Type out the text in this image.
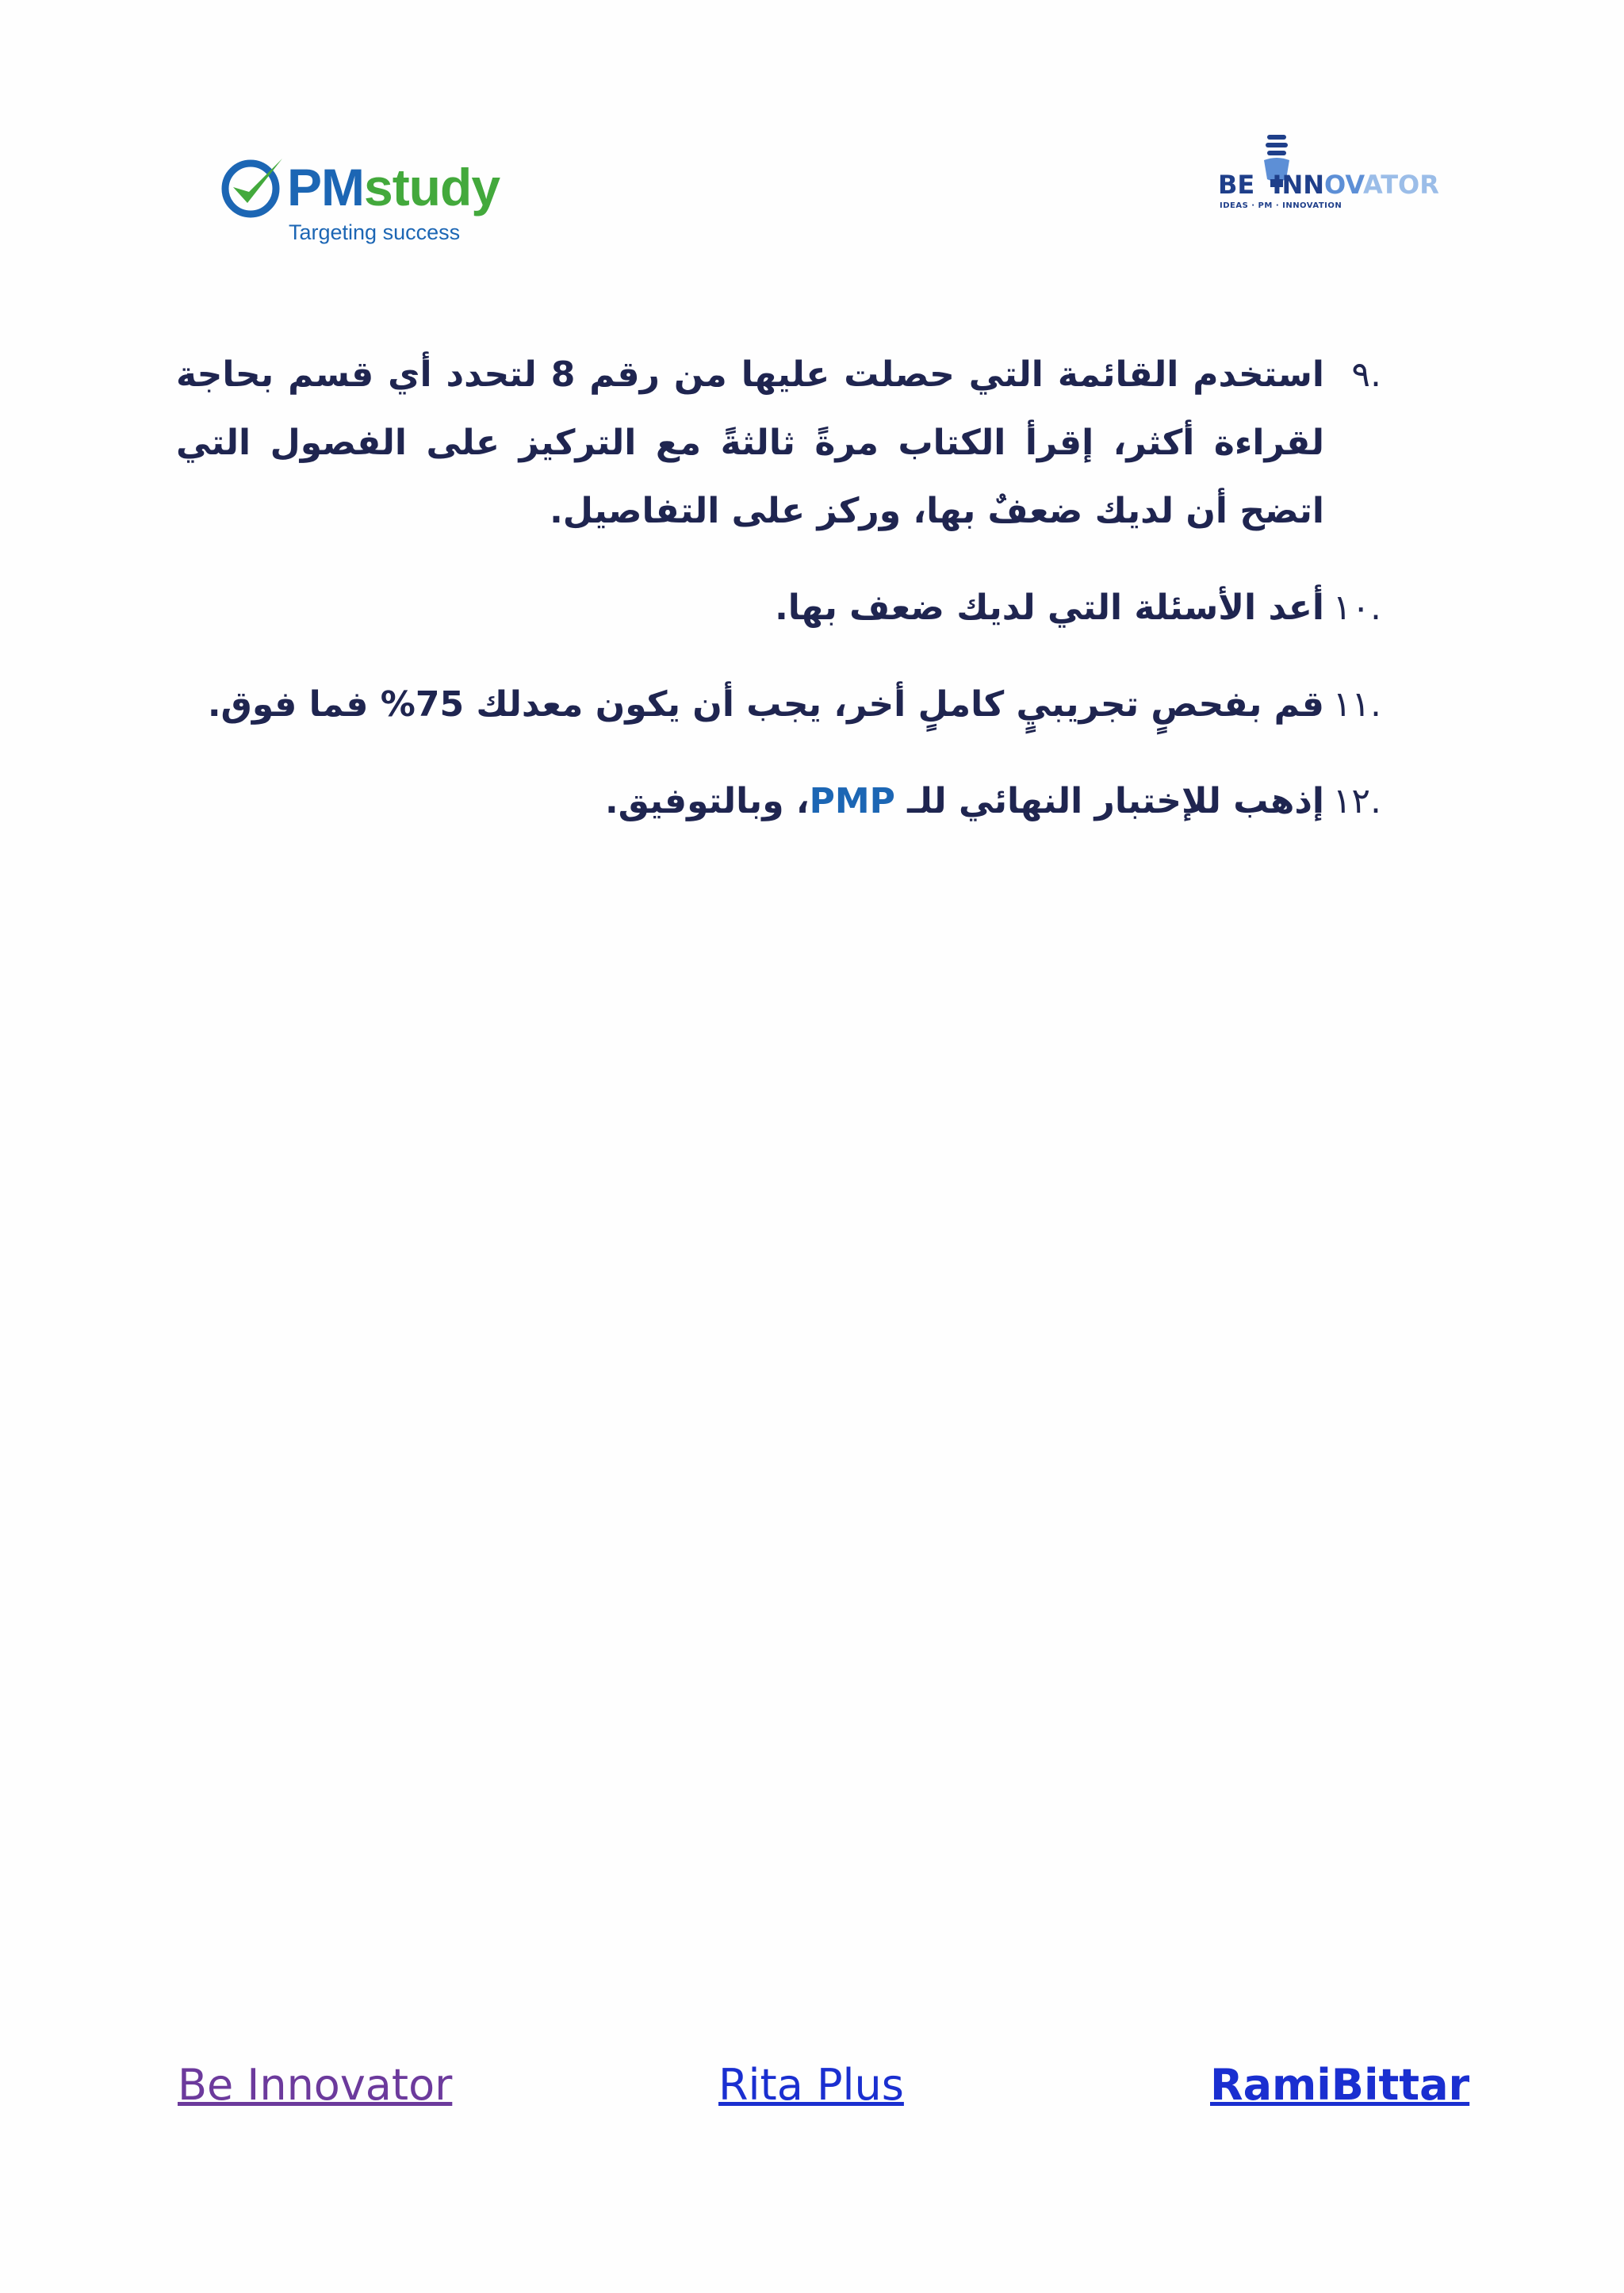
PMstudy
Targeting success
BE INNOVATOR
IDEAS · PM · INNOVATION
.٩
استخدم القائمة التي حصلت عليها من رقم 8 لتحدد أي قسم بحاجة لقراءة أكثر، إقرأ الكتاب مرةً ثالثةً مع التركيز على الفصول التي اتضح أن لديك ضعفٌ بها، وركز على التفاصيل.
.١٠
أعد الأسئلة التي لديك ضعف بها.
.١١
قم بفحصٍ تجريبيٍ كاملٍ أخر، يجب أن يكون معدلك 75% فما فوق.
.١٢
إذهب للإختبار النهائي للـ PMP، وبالتوفيق.
Be Innovator	Rita Plus	RamiBittar
